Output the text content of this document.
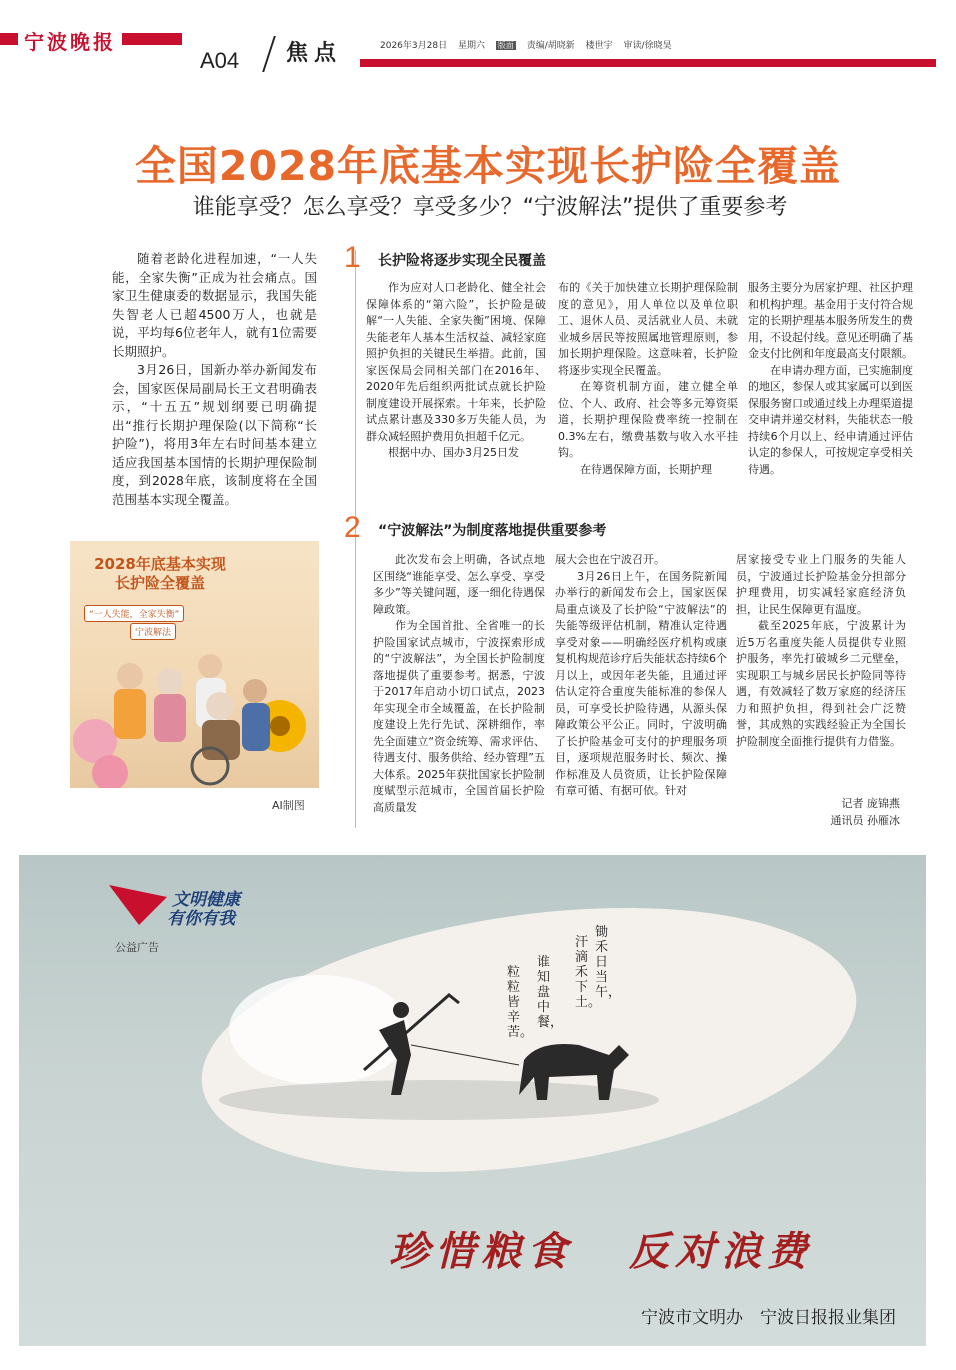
宁波晚报
A04 焦点	2026年3月28日 星期六 版面 责编/胡晓新 楼世宇 审读/徐晓昊
全国2028年底基本实现长护险全覆盖
谁能享受？怎么享受？享受多少？“宁波解法”提供了重要参考

随着老龄化进程加速，“一人失能，全家失衡”正成为社会痛点。国家卫生健康委的数据显示，我国失能失智老人已超4500万人，也就是说，平均每6位老年人，就有1位需要长期照护。

3月26日，国新办举办新闻发布会，国家医保局副局长王文君明确表示，“十五五”规划纲要已明确提出“推行长期护理保险(以下简称“长护险”)，将用3年左右时间基本建立适应我国基本国情的长期护理保险制度，到2028年底，该制度将在全国范围基本实现全覆盖。

1 长护险将逐步实现全民覆盖

作为应对人口老龄化、健全社会保障体系的“第六险”，长护险是破解“一人失能、全家失衡”困境、保障失能老年人基本生活权益、减轻家庭照护负担的关键民生举措。此前，国家医保局会同相关部门在2016年、2020年先后组织两批试点就长护险制度建设开展探索。十年来，长护险试点累计惠及330多万失能人员，为群众减轻照护费用负担超千亿元。

根据中办、国办3月25日发

布的《关于加快建立长期护理保险制度的意见》，用人单位以及单位职工、退休人员、灵活就业人员、未就业城乡居民等按照属地管理原则，参加长期护理保险。这意味着，长护险将逐步实现全民覆盖。

在筹资机制方面，建立健全单位、个人、政府、社会等多元筹资渠道，长期护理保险费率统一控制在0.3%左右，缴费基数与收入水平挂钩。

在待遇保障方面，长期护理

服务主要分为居家护理、社区护理和机构护理。基金用于支付符合规定的长期护理基本服务所发生的费用，不设起付线。意见还明确了基金支付比例和年度最高支付限额。

在申请办理方面，已实施制度的地区，参保人或其家属可以到医保服务窗口或通过线上办理渠道提交申请并递交材料，失能状态一般持续6个月以上、经申请通过评估认定的参保人，可按规定享受相关待遇。

2 “宁波解法”为制度落地提供重要参考

此次发布会上明确，各试点地区围绕“谁能享受、怎么享受、享受多少”等关键问题，逐一细化待遇保障政策。

作为全国首批、全省唯一的长护险国家试点城市，宁波探索形成的“宁波解法”，为全国长护险制度落地提供了重要参考。据悉，宁波于2017年启动小切口试点，2023年实现全市全域覆盖，在长护险制度建设上先行先试、深耕细作，率先全面建立“资金统筹、需求评估、待遇支付、服务供给、经办管理”五大体系。2025年获批国家长护险制度赋型示范城市，全国首届长护险高质量发

展大会也在宁波召开。

3月26日上午，在国务院新闻办举行的新闻发布会上，国家医保局重点谈及了长护险“宁波解法”的失能等级评估机制，精准认定待遇享受对象——明确经医疗机构或康复机构规范诊疗后失能状态持续6个月以上，或因年老失能，且通过评估认定符合重度失能标准的参保人员，可享受长护险待遇，从源头保障政策公平公正。同时，宁波明确了长护险基金可支付的护理服务项目，逐项规范服务时长、频次、操作标准及人员资质，让长护险保障有章可循、有据可依。针对

居家接受专业上门服务的失能人员，宁波通过长护险基金分担部分护理费用，切实减轻家庭经济负担，让民生保障更有温度。

截至2025年底，宁波累计为近5万名重度失能人员提供专业照护服务，率先打破城乡二元壁垒，实现职工与城乡居民长护险同等待遇，有效减轻了数万家庭的经济压力和照护负担，得到社会广泛赞誉，其成熟的实践经验正为全国长护险制度全面推行提供有力借鉴。

记者 庞锦燕
通讯员 孙雁冰
2028年底基本实现
长护险全覆盖
“一人失能，全家失衡”
宁波解法
AI制图
文明健康
有你有我
公益广告
锄禾日当午，
汗滴禾下土。
谁知盘中餐，
粒粒皆辛苦。
珍惜粮食 反对浪费
宁波市文明办　宁波日报报业集团
